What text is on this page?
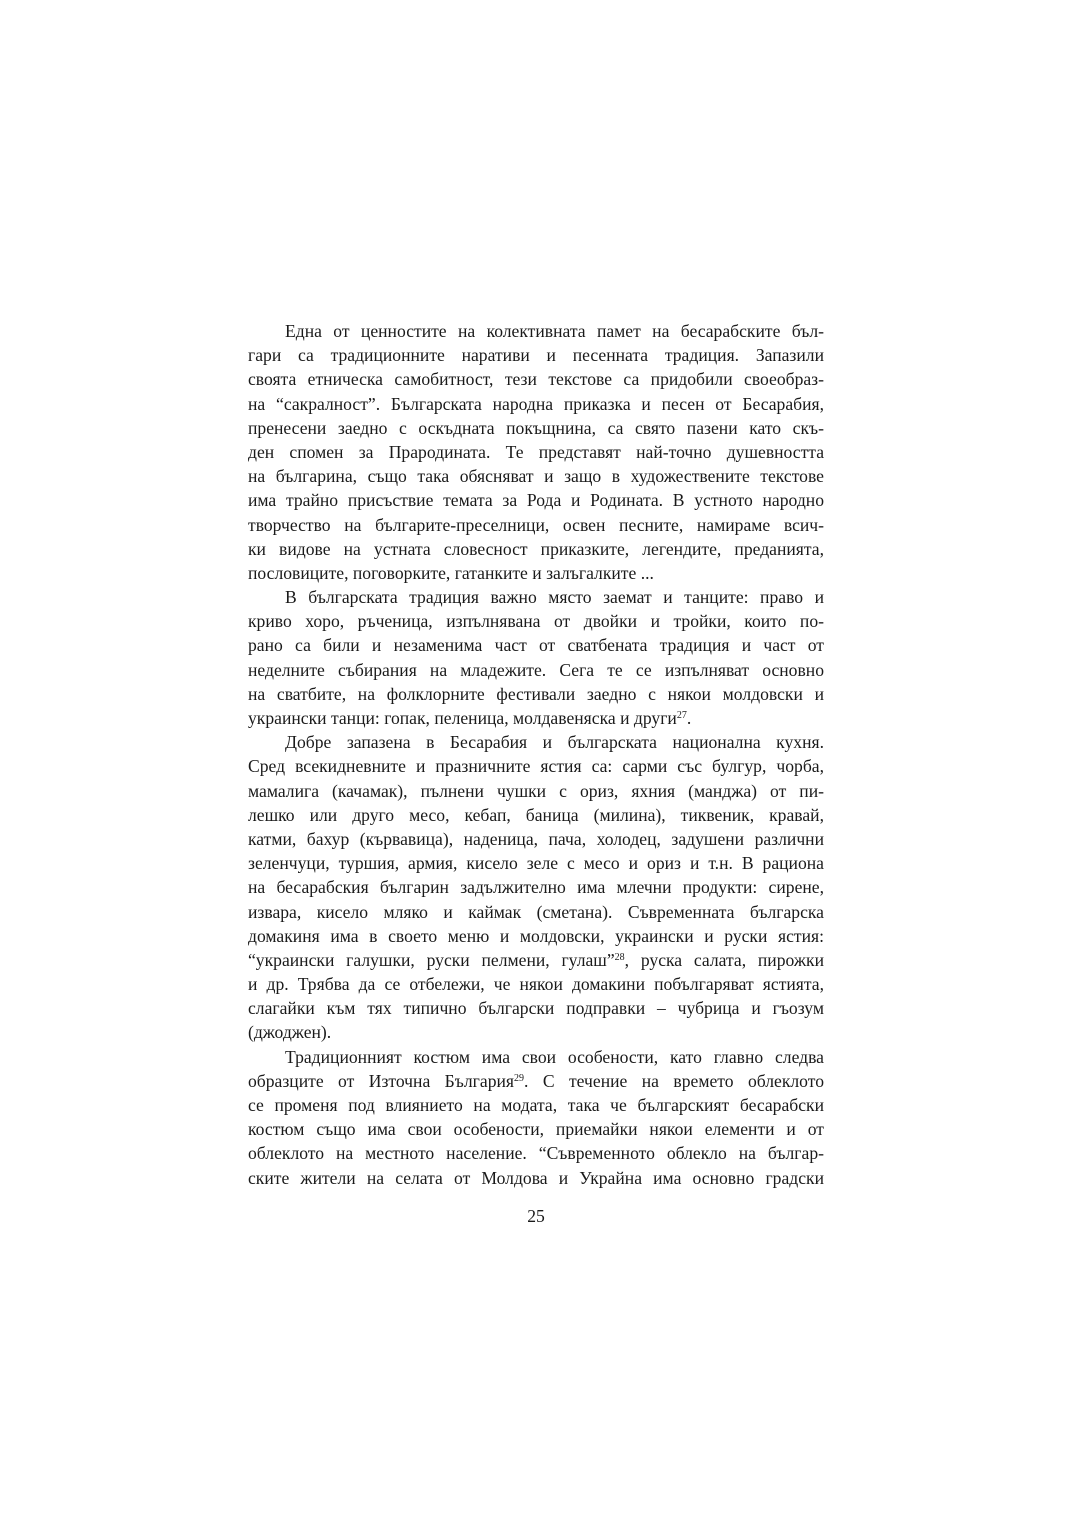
Една от ценностите на колективната памет на бесарабските бъл-
гари са традиционните наративи и песенната традиция. Запазили
своята етническа самобитност, тези текстове са придобили своеобраз-
на “сакралност”. Българската народна приказка и песен от Бесарабия,
пренесени заедно с оскъдната покъщнина, са свято пазени като скъ-
ден спомен за Прародината. Те представят най-точно душевността
на българина, също така обясняват и защо в художествените текстове
има трайно присъствие темата за Рода и Родината. В устното народно
творчество на българите-преселници, освен песните, намираме всич-
ки видове на устната словесност приказките, легендите, преданията,
пословиците, поговорките, гатанките и залъгалките ...
В българската традиция важно място заемат и танците: право и
криво хоро, ръченица, изпълнявана от двойки и тройки, които по-
рано са били и незаменима част от сватбената традиция и част от
неделните събирания на младежите. Сега те се изпълняват основно
на сватбите, на фолклорните фестивали заедно с някои молдовски и
украински танци: гопак, пеленица, молдавеняска и други$^{27}$.
Добре запазена в Бесарабия и българската национална кухня.
Сред всекидневните и празничните ястия са: сарми със булгур, чорба,
мамалига (качамак), пълнени чушки с ориз, яхния (манджа) от пи-
лешко или друго месо, кебап, баница (милина), тиквеник, кравай,
катми, бахур (кървавица), наденица, пача, холодец, задушени различни
зеленчуци, туршия, армия, кисело зеле с месо и ориз и т.н. В рациона
на бесарабския българин задължително има млечни продукти: сирене,
извара, кисело мляко и каймак (сметана). Съвременната българска
домакиня има в своето меню и молдовски, украински и руски ястия:
“украински галушки, руски пелмени, гулаш”$^{28}$, руска салата, пирожки
и др. Трябва да се отбележи, че някои домакини побългаряват ястията,
слагайки към тях типично български подправки – чубрица и гъозум
(джоджен).
Традиционният костюм има свои особености, като главно следва
образците от Източна България$^{29}$. С течение на времето облеклото
се променя под влиянието на модата, така че българският бесарабски
костюм също има свои особености, приемайки някои елементи и от
облеклото на местното население. “Съвременното облекло на българ-
ските жители на селата от Молдова и Украйна има основно градски
25
